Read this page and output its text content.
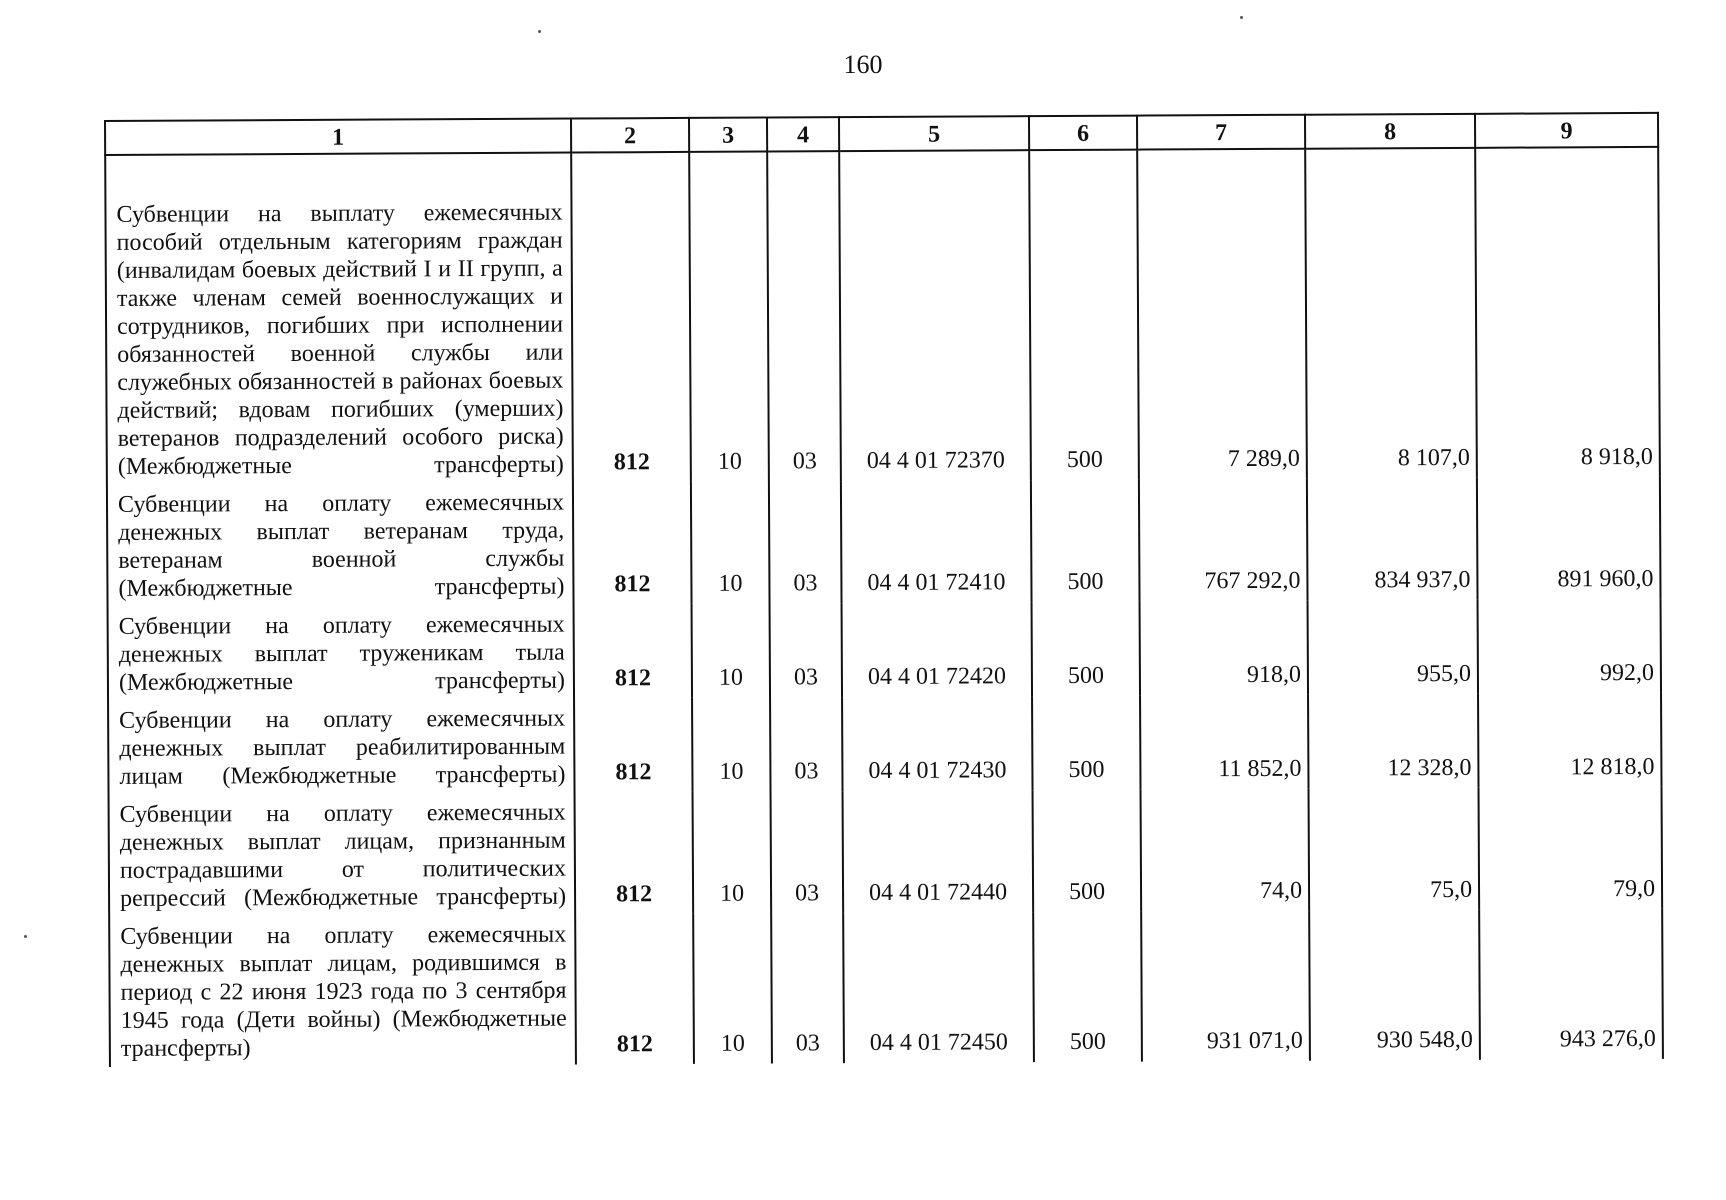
160
1	2	3	4	5	6	7	8	9
Субвенции на выплату ежемесячных пособий отдельным категориям граждан (инвалидам боевых действий I и II групп, а также членам семей военнослужащих и сотрудников, погибших при исполнении обязанностей военной службы или служебных обязанностей в районах боевых действий; вдовам погибших (умерших) ветеранов подразделений особого риска) (Межбюджетные трансферты)	812	10	03	04 4 01 72370	500	7 289,0	8 107,0	8 918,0
Субвенции на оплату ежемесячных денежных выплат ветеранам труда, ветеранам военной службы (Межбюджетные трансферты)	812	10	03	04 4 01 72410	500	767 292,0	834 937,0	891 960,0
Субвенции на оплату ежемесячных денежных выплат труженикам тыла (Межбюджетные трансферты)	812	10	03	04 4 01 72420	500	918,0	955,0	992,0
Субвенции на оплату ежемесячных денежных выплат реабилитированным лицам (Межбюджетные трансферты)	812	10	03	04 4 01 72430	500	11 852,0	12 328,0	12 818,0
Субвенции на оплату ежемесячных денежных выплат лицам, признанным пострадавшими от политических репрессий (Межбюджетные трансферты)	812	10	03	04 4 01 72440	500	74,0	75,0	79,0
Субвенции на оплату ежемесячных денежных выплат лицам, родившимся в период с 22 июня 1923 года по 3 сентября 1945 года (Дети войны) (Межбюджетные трансферты)	812	10	03	04 4 01 72450	500	931 071,0	930 548,0	943 276,0
